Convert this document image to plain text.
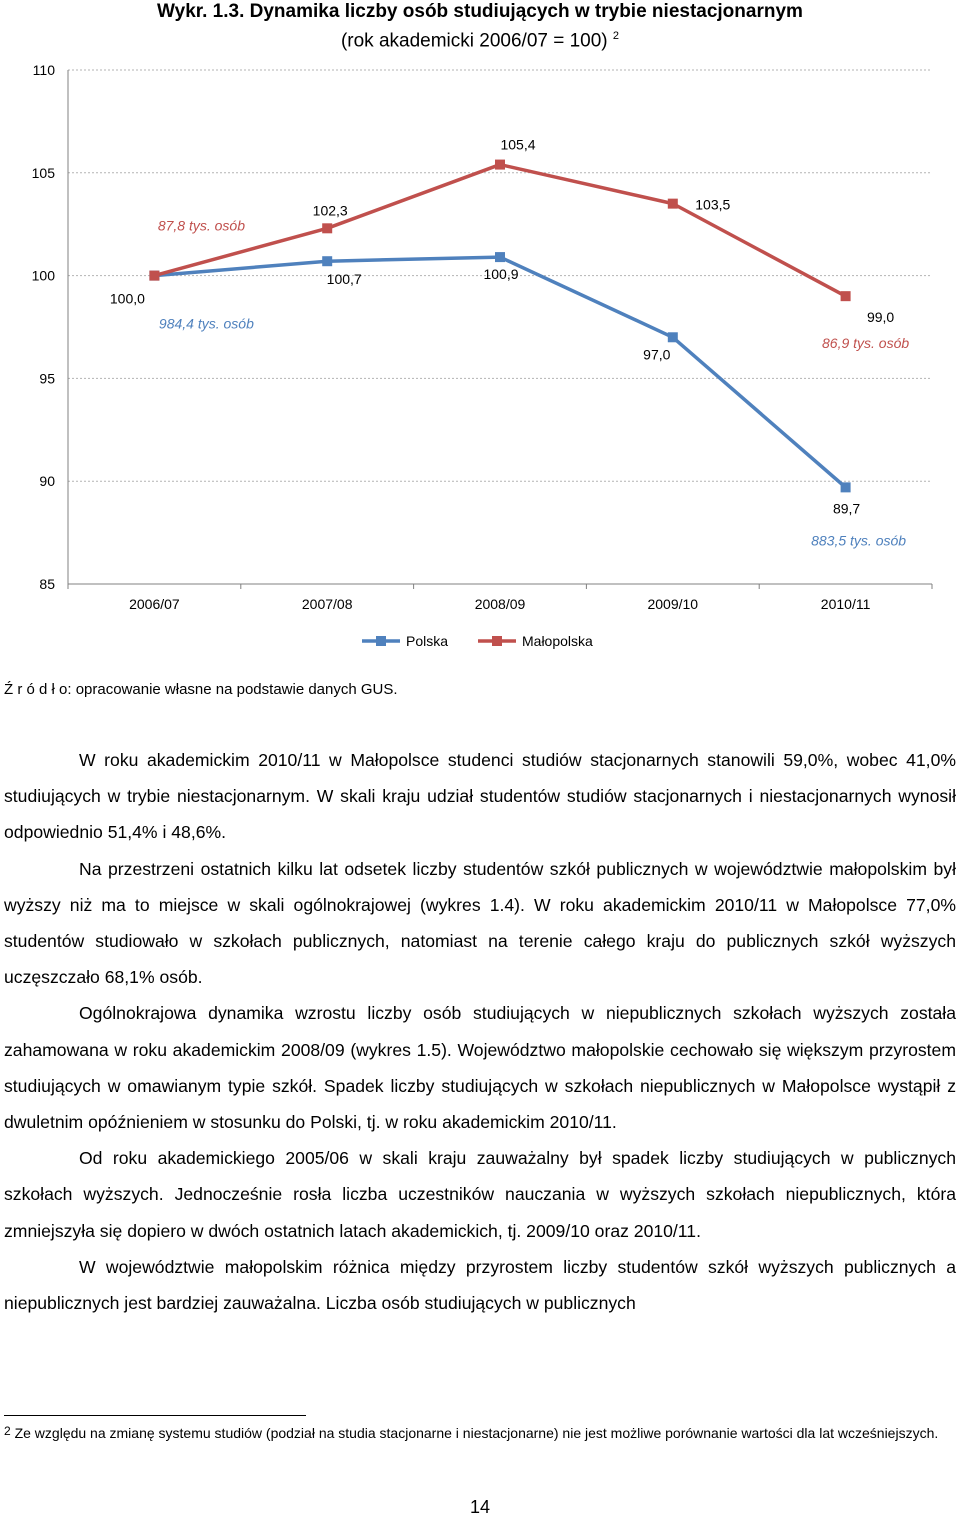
85
90
95
100
105
110
2006/07	2007/08	2008/09	2009/10	2010/11
100,0
100,7	100,9
97,0
89,7
102,3
105,4
103,5
99,0
87,8 tys. osób
984,4 tys. osób
86,9 tys. osób
883,5 tys. osób
Polska	Małopolska
Wykr. 1.3. Dynamika liczby osób studiujących w trybie niestacjonarnym
(rok akademicki 2006/07 = 100) $^2$
Ź r ó d ł o: opracowanie własne na podstawie danych GUS.

W roku akademickim 2010/11 w Małopolsce studenci studiów stacjonarnych stanowili 59,0%, wobec 41,0% studiujących w trybie niestacjonarnym. W skali kraju udział studentów studiów stacjonarnych i niestacjonarnych wynosił odpowiednio 51,4% i 48,6%.

Na przestrzeni ostatnich kilku lat odsetek liczby studentów szkół publicznych w województwie małopolskim był wyższy niż ma to miejsce w skali ogólnokrajowej (wykres 1.4). W roku akademickim 2010/11 w Małopolsce 77,0% studentów studiowało w szkołach publicznych, natomiast na terenie całego kraju do publicznych szkół wyższych uczęszczało 68,1% osób.

Ogólnokrajowa dynamika wzrostu liczby osób studiujących w niepublicznych szkołach wyższych została zahamowana w roku akademickim 2008/09 (wykres 1.5). Województwo małopolskie cechowało się większym przyrostem studiujących w omawianym typie szkół. Spadek liczby studiujących w szkołach niepublicznych w Małopolsce wystąpił z dwuletnim opóźnieniem w stosunku do Polski, tj. w roku akademickim 2010/11.

Od roku akademickiego 2005/06 w skali kraju zauważalny był spadek liczby studiujących w publicznych szkołach wyższych. Jednocześnie rosła liczba uczestników nauczania w wyższych szkołach niepublicznych, która zmniejszyła się dopiero w dwóch ostatnich latach akademickich, tj. 2009/10 oraz 2010/11.

W województwie małopolskim różnica między przyrostem liczby studentów szkół wyższych publicznych a niepublicznych jest bardziej zauważalna. Liczba osób studiujących w publicznych

$^2$ Ze względu na zmianę systemu studiów (podział na studia stacjonarne i niestacjonarne) nie jest możliwe porównanie wartości dla lat wcześniejszych.
14
